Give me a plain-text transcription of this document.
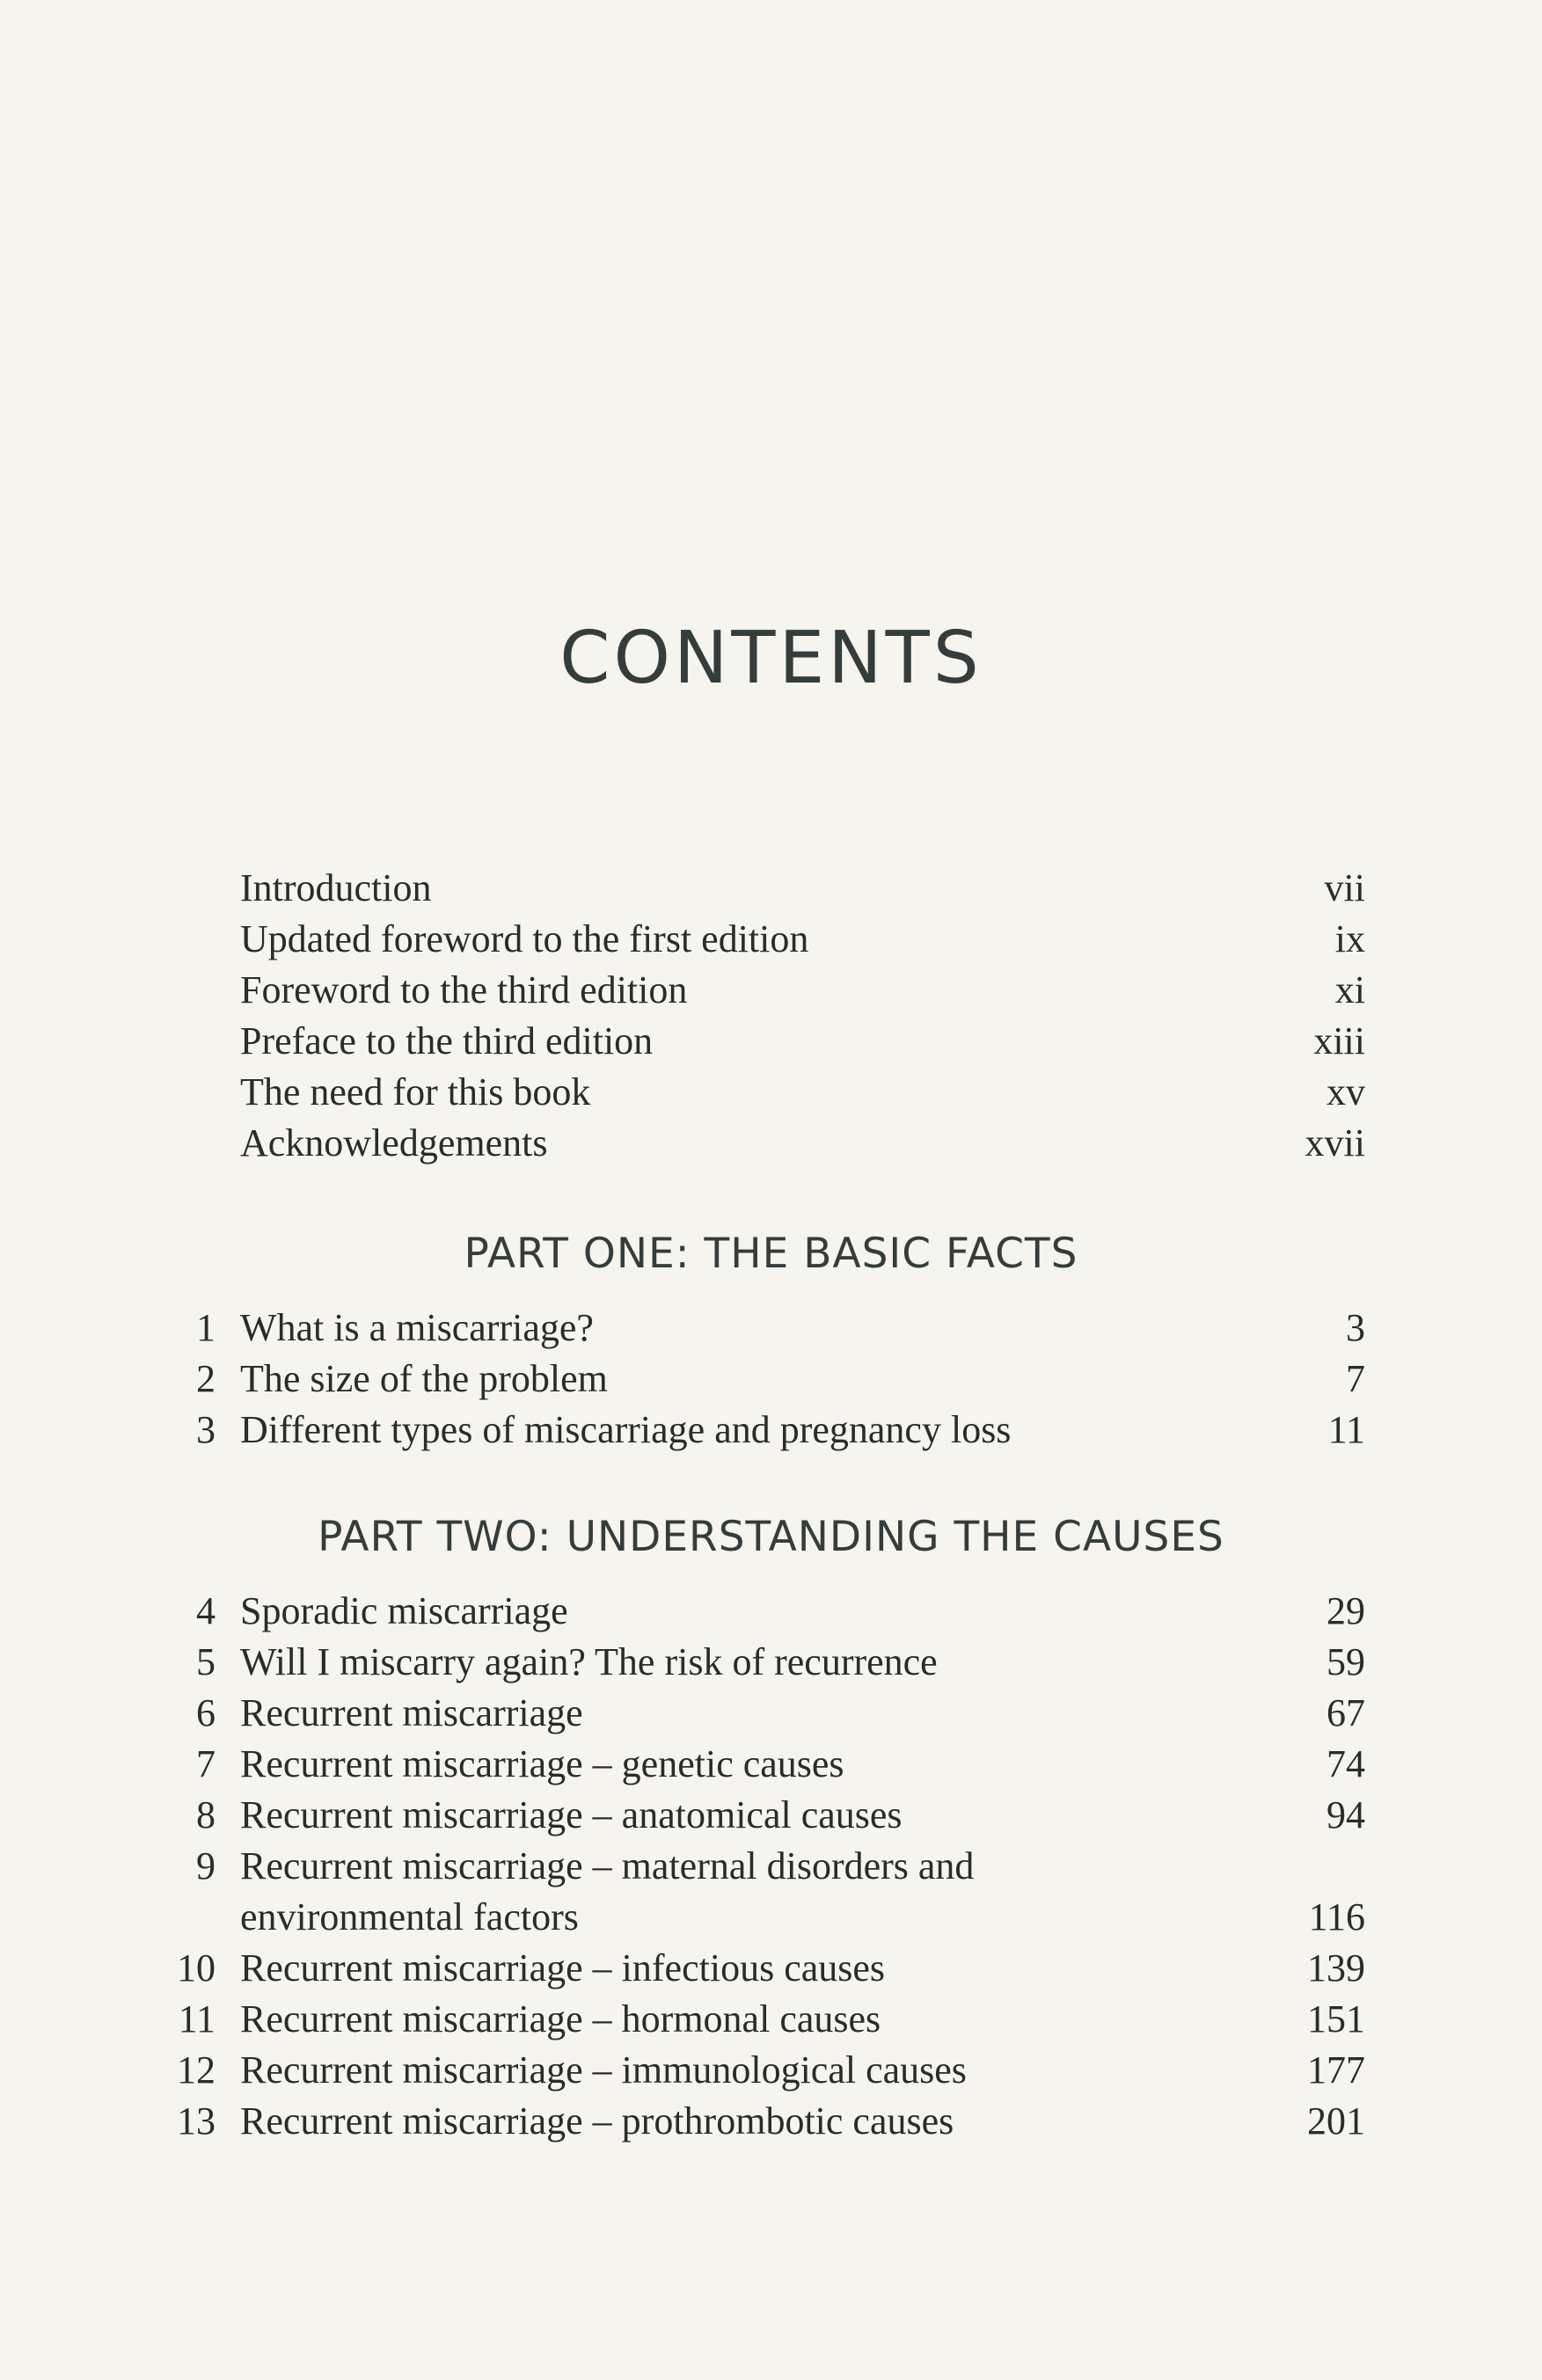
CONTENTS
Introduction	vii
Updated foreword to the first edition	ix
Foreword to the third edition	xi
Preface to the third edition	xiii
The need for this book	xv
Acknowledgements	xvii
PART ONE: THE BASIC FACTS
1 What is a miscarriage?	3
2 The size of the problem	7
3 Different types of miscarriage and pregnancy loss	11
PART TWO: UNDERSTANDING THE CAUSES
4 Sporadic miscarriage	29
5 Will I miscarry again? The risk of recurrence	59
6 Recurrent miscarriage	67
7 Recurrent miscarriage – genetic causes	74
8 Recurrent miscarriage – anatomical causes	94
9 Recurrent miscarriage – maternal disorders and
environmental factors	116
10 Recurrent miscarriage – infectious causes	139
11 Recurrent miscarriage – hormonal causes	151
12 Recurrent miscarriage – immunological causes	177
13 Recurrent miscarriage – prothrombotic causes	201
